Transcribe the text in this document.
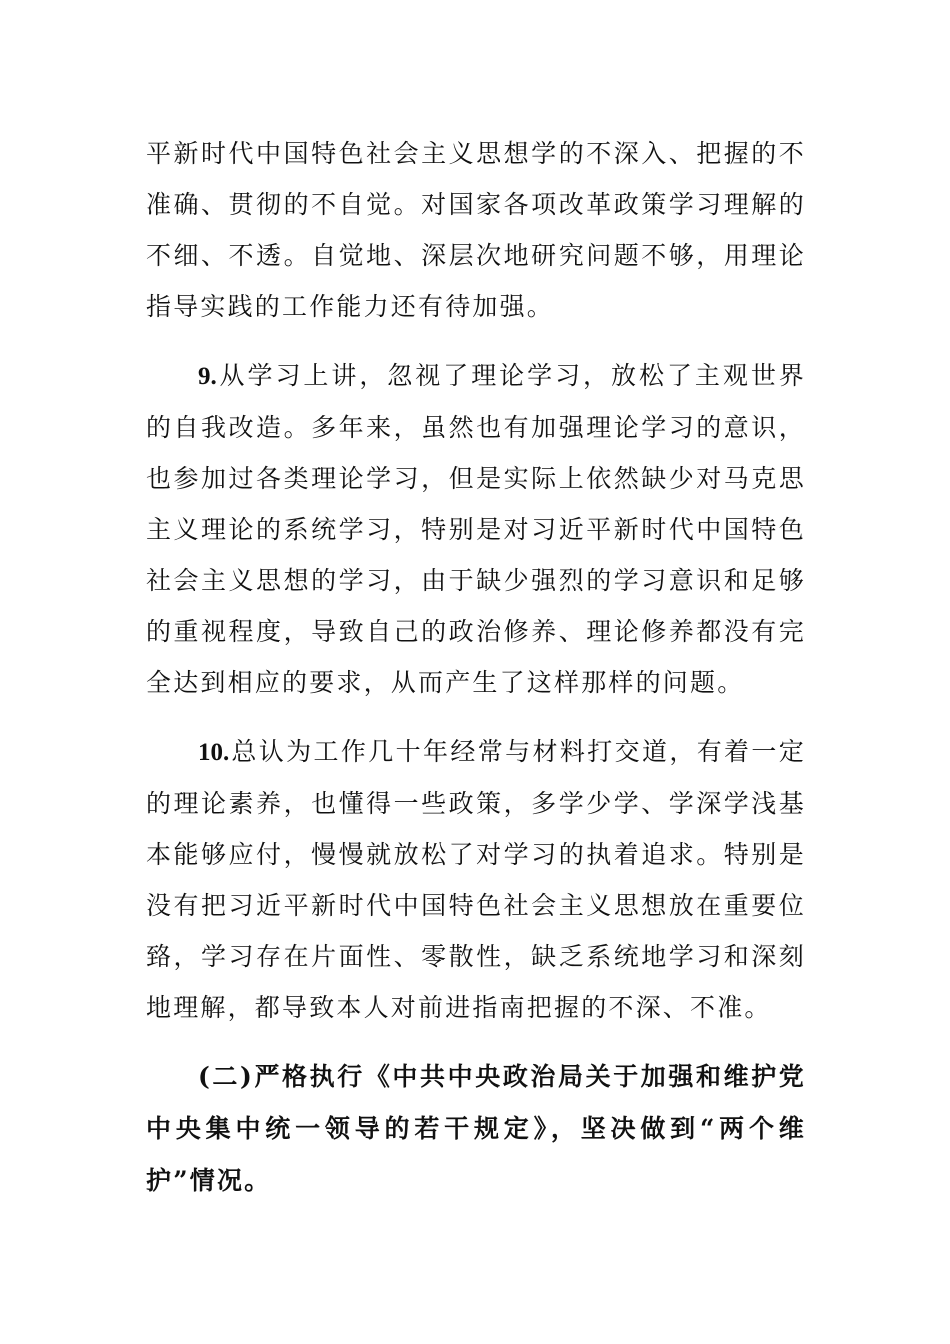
平新时代中国特色社会主义思想学的不深入、把握的不准确、贯彻的不自觉。对国家各项改革政策学习理解的不细、不透。自觉地、深层次地研究问题不够，用理论指导实践的工作能力还有待加强。

9.从学习上讲，忽视了理论学习，放松了主观世界的自我改造。多年来，虽然也有加强理论学习的意识，也参加过各类理论学习，但是实际上依然缺少对马克思主义理论的系统学习，特别是对习近平新时代中国特色社会主义思想的学习，由于缺少强烈的学习意识和足够的重视程度，导致自己的政治修养、理论修养都没有完全达到相应的要求，从而产生了这样那样的问题。

10.总认为工作几十年经常与材料打交道，有着一定的理论素养，也懂得一些政策，多学少学、学深学浅基本能够应付，慢慢就放松了对学习的执着追求。特别是没有把习近平新时代中国特色社会主义思想放在重要位臵，学习存在片面性、零散性，缺乏系统地学习和深刻地理解，都导致本人对前进指南把握的不深、不准。

(二)严格执行《中共中央政治局关于加强和维护党中央集中统一领导的若干规定》，坚决做到“两个维护”情况。
